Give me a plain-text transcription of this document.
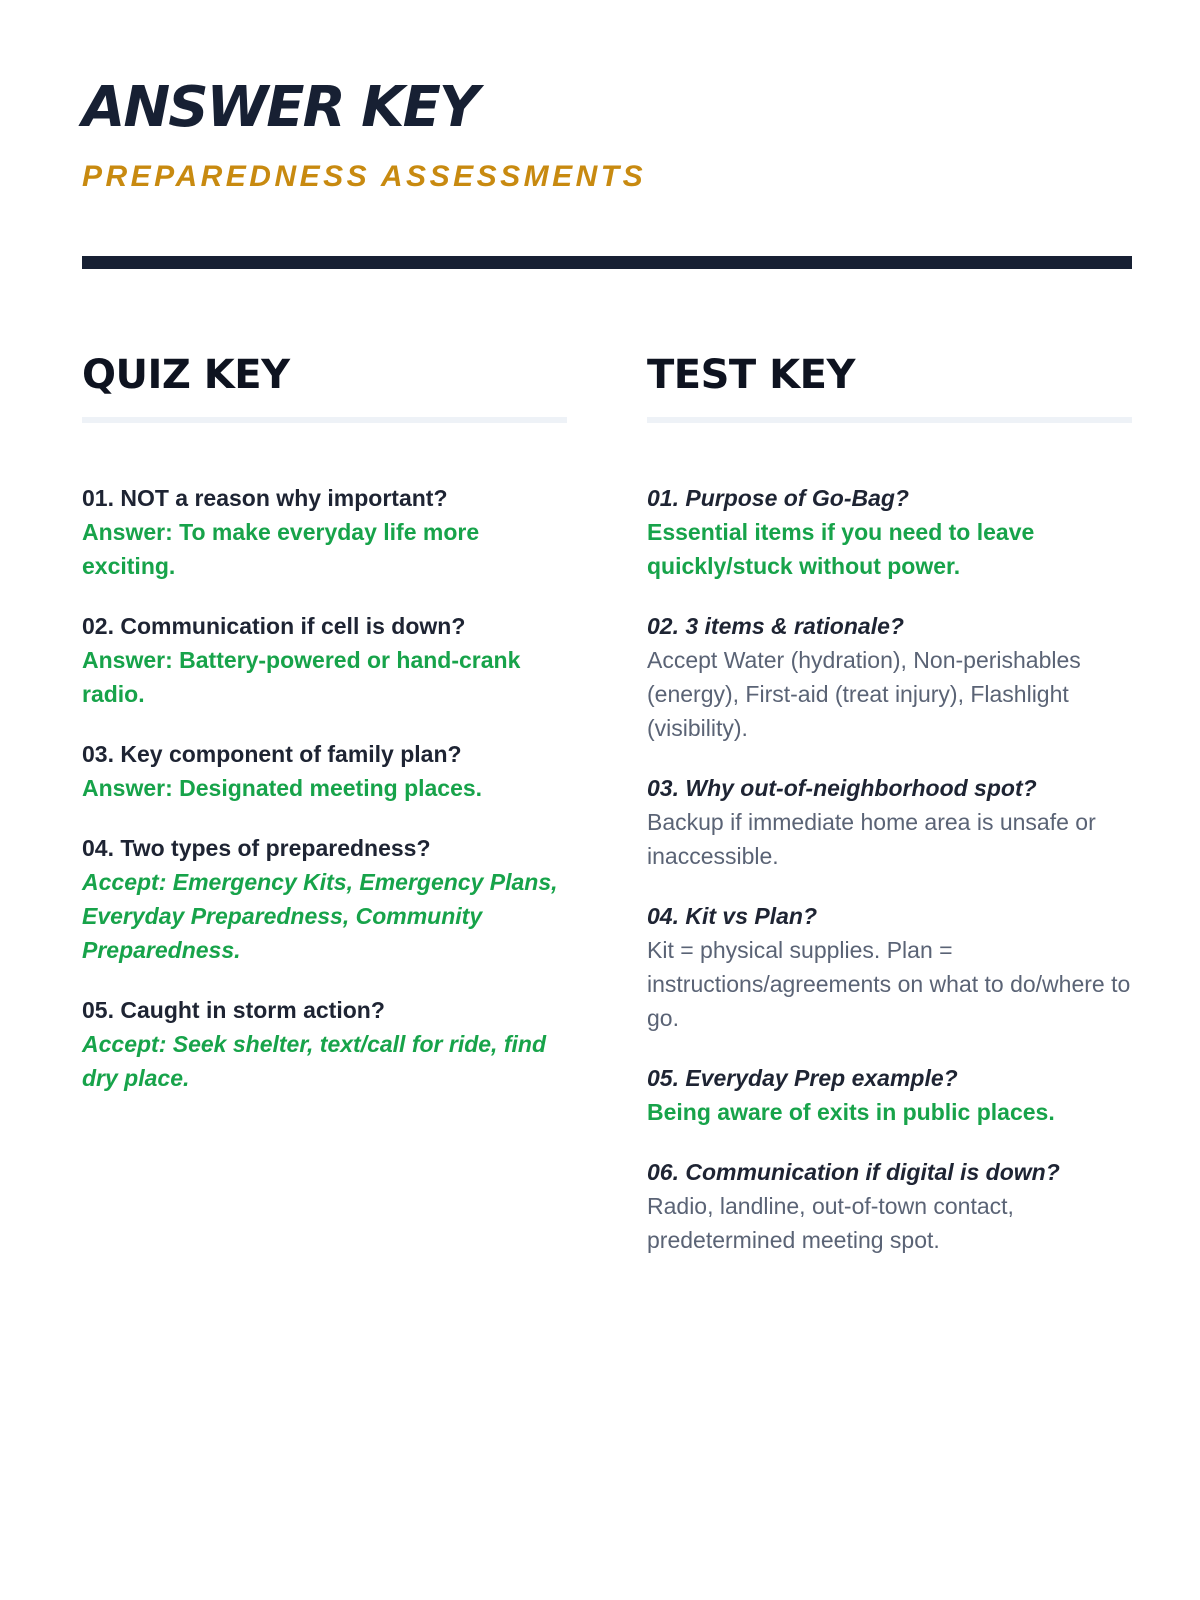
ANSWER KEY
PREPAREDNESS ASSESSMENTS
QUIZ KEY
01. NOT a reason why important?
Answer: To make everyday life more exciting.
02. Communication if cell is down?
Answer: Battery-powered or hand-crank radio.
03. Key component of family plan?
Answer: Designated meeting places.
04. Two types of preparedness?
Accept: Emergency Kits, Emergency Plans, Everyday Preparedness, Community Preparedness.
05. Caught in storm action?
Accept: Seek shelter, text/call for ride, find dry place.
TEST KEY
01. Purpose of Go-Bag?
Essential items if you need to leave quickly/stuck without power.
02. 3 items & rationale?
Accept Water (hydration), Non-perishables (energy), First-aid (treat injury), Flashlight (visibility).
03. Why out-of-neighborhood spot?
Backup if immediate home area is unsafe or inaccessible.
04. Kit vs Plan?
Kit = physical supplies. Plan = instructions/agreements on what to do/where to go.
05. Everyday Prep example?
Being aware of exits in public places.
06. Communication if digital is down?
Radio, landline, out-of-town contact, predetermined meeting spot.
